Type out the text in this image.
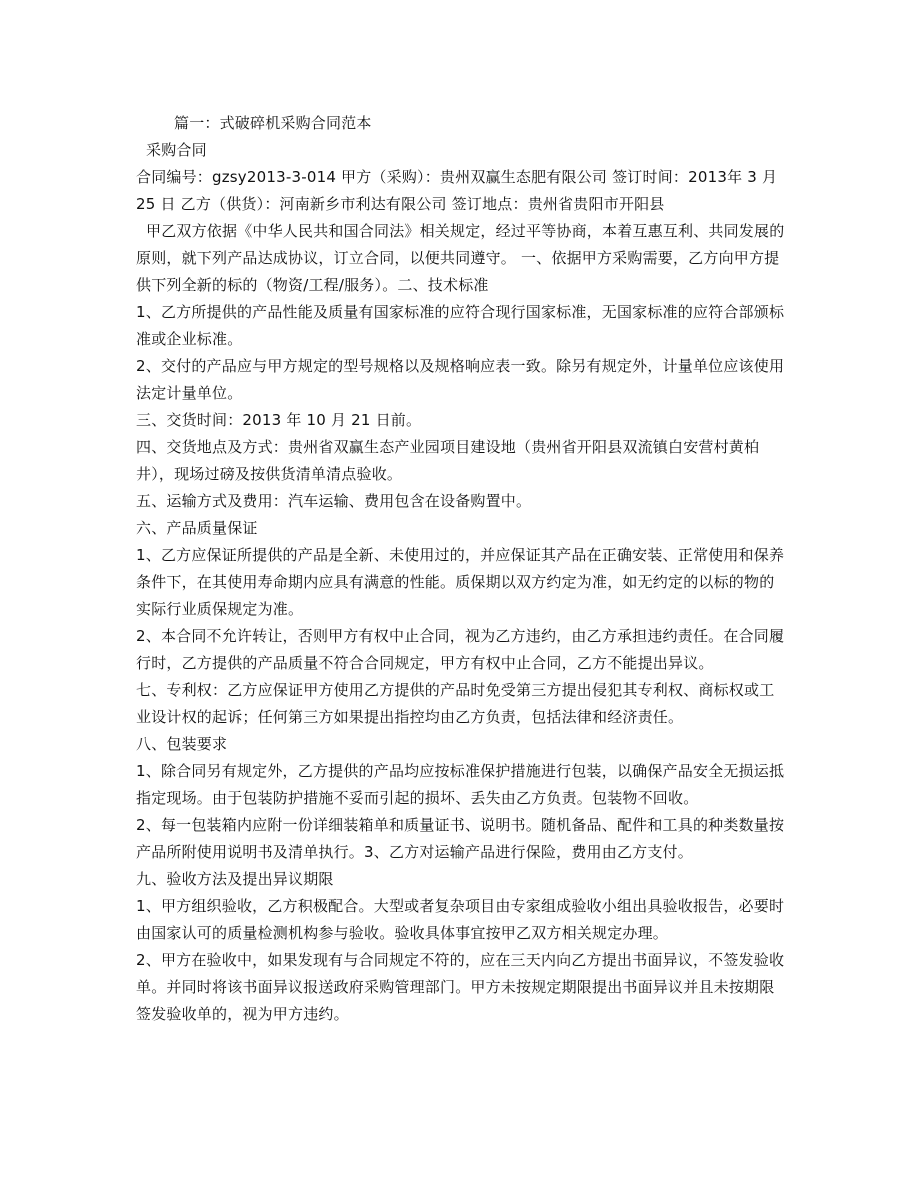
篇一：式破碎机采购合同范本

采购合同

合同编号：gzsy2013-3-014 甲方（采购）：贵州双赢生态肥有限公司 签订时间：2013年 3 月 25 日 乙方（供货）：河南新乡市利达有限公司 签订地点：贵州省贵阳市开阳县

甲乙双方依据《中华人民共和国合同法》相关规定，经过平等协商，本着互惠互利、共同发展的原则，就下列产品达成协议，订立合同，以便共同遵守。 一、依据甲方采购需要，乙方向甲方提供下列全新的标的（物资/工程/服务）。二、技术标准

1、乙方所提供的产品性能及质量有国家标准的应符合现行国家标准，无国家标准的应符合部颁标准或企业标准。

2、交付的产品应与甲方规定的型号规格以及规格响应表一致。除另有规定外，计量单位应该使用法定计量单位。

三、交货时间：2013 年 10 月 21 日前。

四、交货地点及方式：贵州省双赢生态产业园项目建设地（贵州省开阳县双流镇白安营村黄柏井），现场过磅及按供货清单清点验收。

五、运输方式及费用：汽车运输、费用包含在设备购置中。

六、产品质量保证

1、乙方应保证所提供的产品是全新、未使用过的，并应保证其产品在正确安装、正常使用和保养条件下，在其使用寿命期内应具有满意的性能。质保期以双方约定为准，如无约定的以标的物的实际行业质保规定为准。

2、本合同不允许转让，否则甲方有权中止合同，视为乙方违约，由乙方承担违约责任。在合同履行时，乙方提供的产品质量不符合合同规定，甲方有权中止合同，乙方不能提出异议。

七、专利权：乙方应保证甲方使用乙方提供的产品时免受第三方提出侵犯其专利权、商标权或工业设计权的起诉；任何第三方如果提出指控均由乙方负责，包括法律和经济责任。

八、包装要求

1、除合同另有规定外，乙方提供的产品均应按标准保护措施进行包装，以确保产品安全无损运抵指定现场。由于包装防护措施不妥而引起的损坏、丢失由乙方负责。包装物不回收。

2、每一包装箱内应附一份详细装箱单和质量证书、说明书。随机备品、配件和工具的种类数量按产品所附使用说明书及清单执行。3、乙方对运输产品进行保险，费用由乙方支付。

九、验收方法及提出异议期限

1、甲方组织验收，乙方积极配合。大型或者复杂项目由专家组成验收小组出具验收报告，必要时由国家认可的质量检测机构参与验收。验收具体事宜按甲乙双方相关规定办理。

2、甲方在验收中，如果发现有与合同规定不符的，应在三天内向乙方提出书面异议，不签发验收单。并同时将该书面异议报送政府采购管理部门。甲方未按规定期限提出书面异议并且未按期限签发验收单的，视为甲方违约。
